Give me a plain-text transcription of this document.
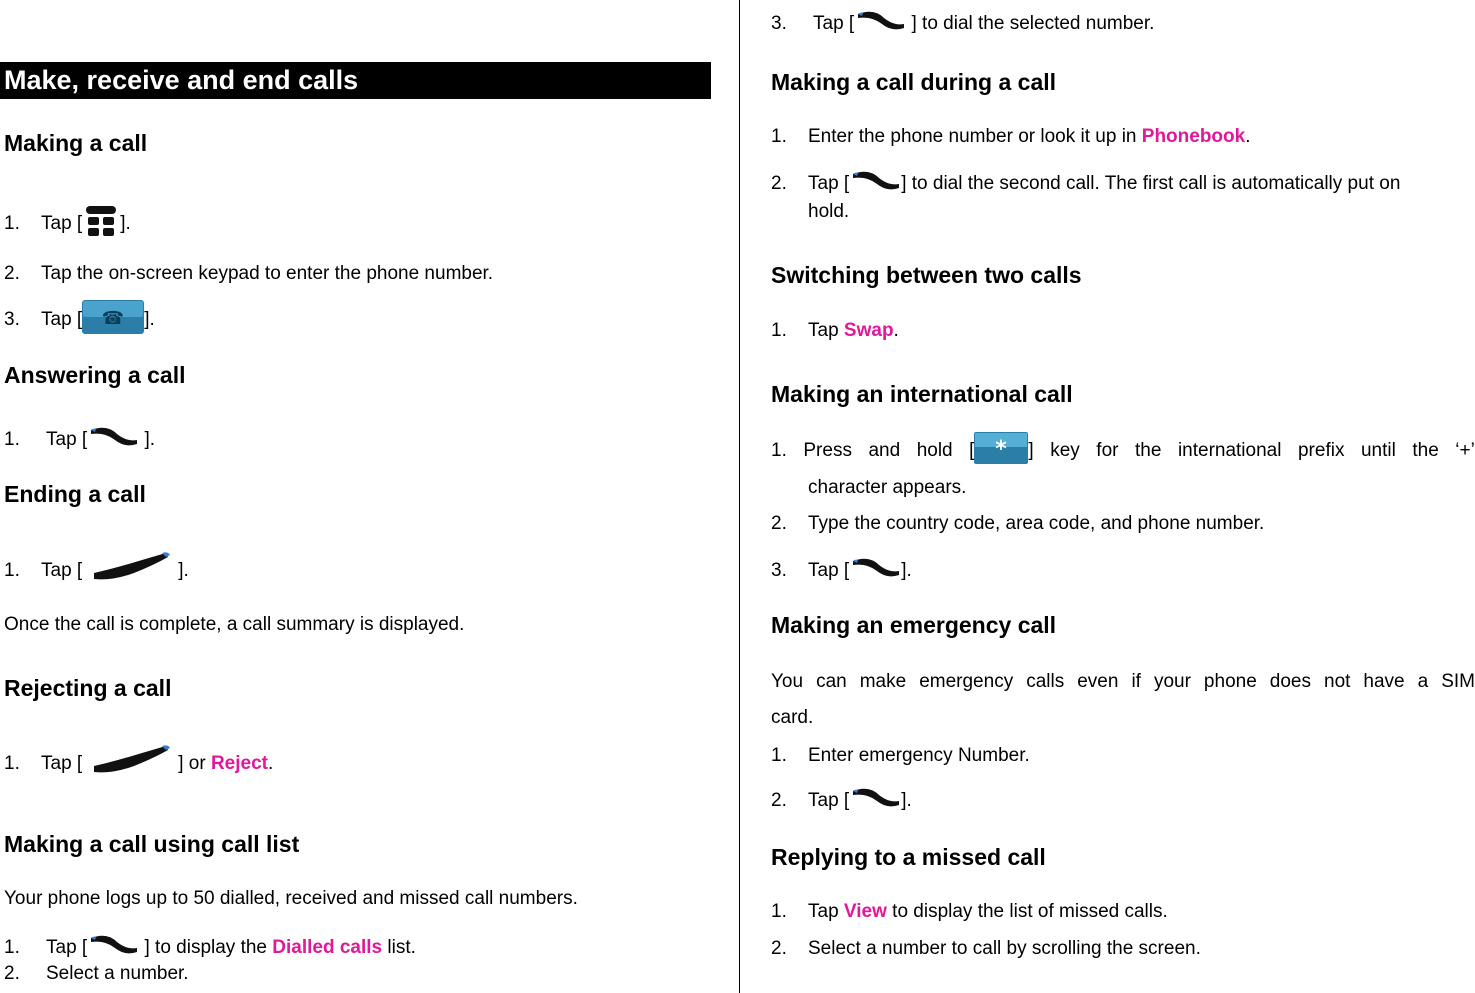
Make, receive and end calls
Making a call
1. Tap [ ].
2. Tap the on-screen keypad to enter the phone number.
3. Tap [ ☎ ].
Answering a call
1. Tap [	].
Ending a call
1. Tap [	].
Once the call is complete, a call summary is displayed.
Rejecting a call
1. Tap [	] or Reject.
Making a call using call list
Your phone logs up to 50 dialled, received and missed call numbers.
1. Tap [	] to display the Dialled calls list.
2. Select a number.
3. Tap [	] to dial the selected number.
Making a call during a call
1. Enter the phone number or look it up in Phonebook.
2. Tap [	] to dial the second call. The first call is automatically put on
hold.
Switching between two calls
1. Tap Swap.
Making an international call
1. Press and hold [ * ] key for the international prefix until the ‘+’
character appears.
2. Type the country code, area code, and phone number.
3. Tap [	].
Making an emergency call
You can make emergency calls even if your phone does not have a SIM
card.
1. Enter emergency Number.
2. Tap [	].
Replying to a missed call
1. Tap View to display the list of missed calls.
2. Select a number to call by scrolling the screen.
